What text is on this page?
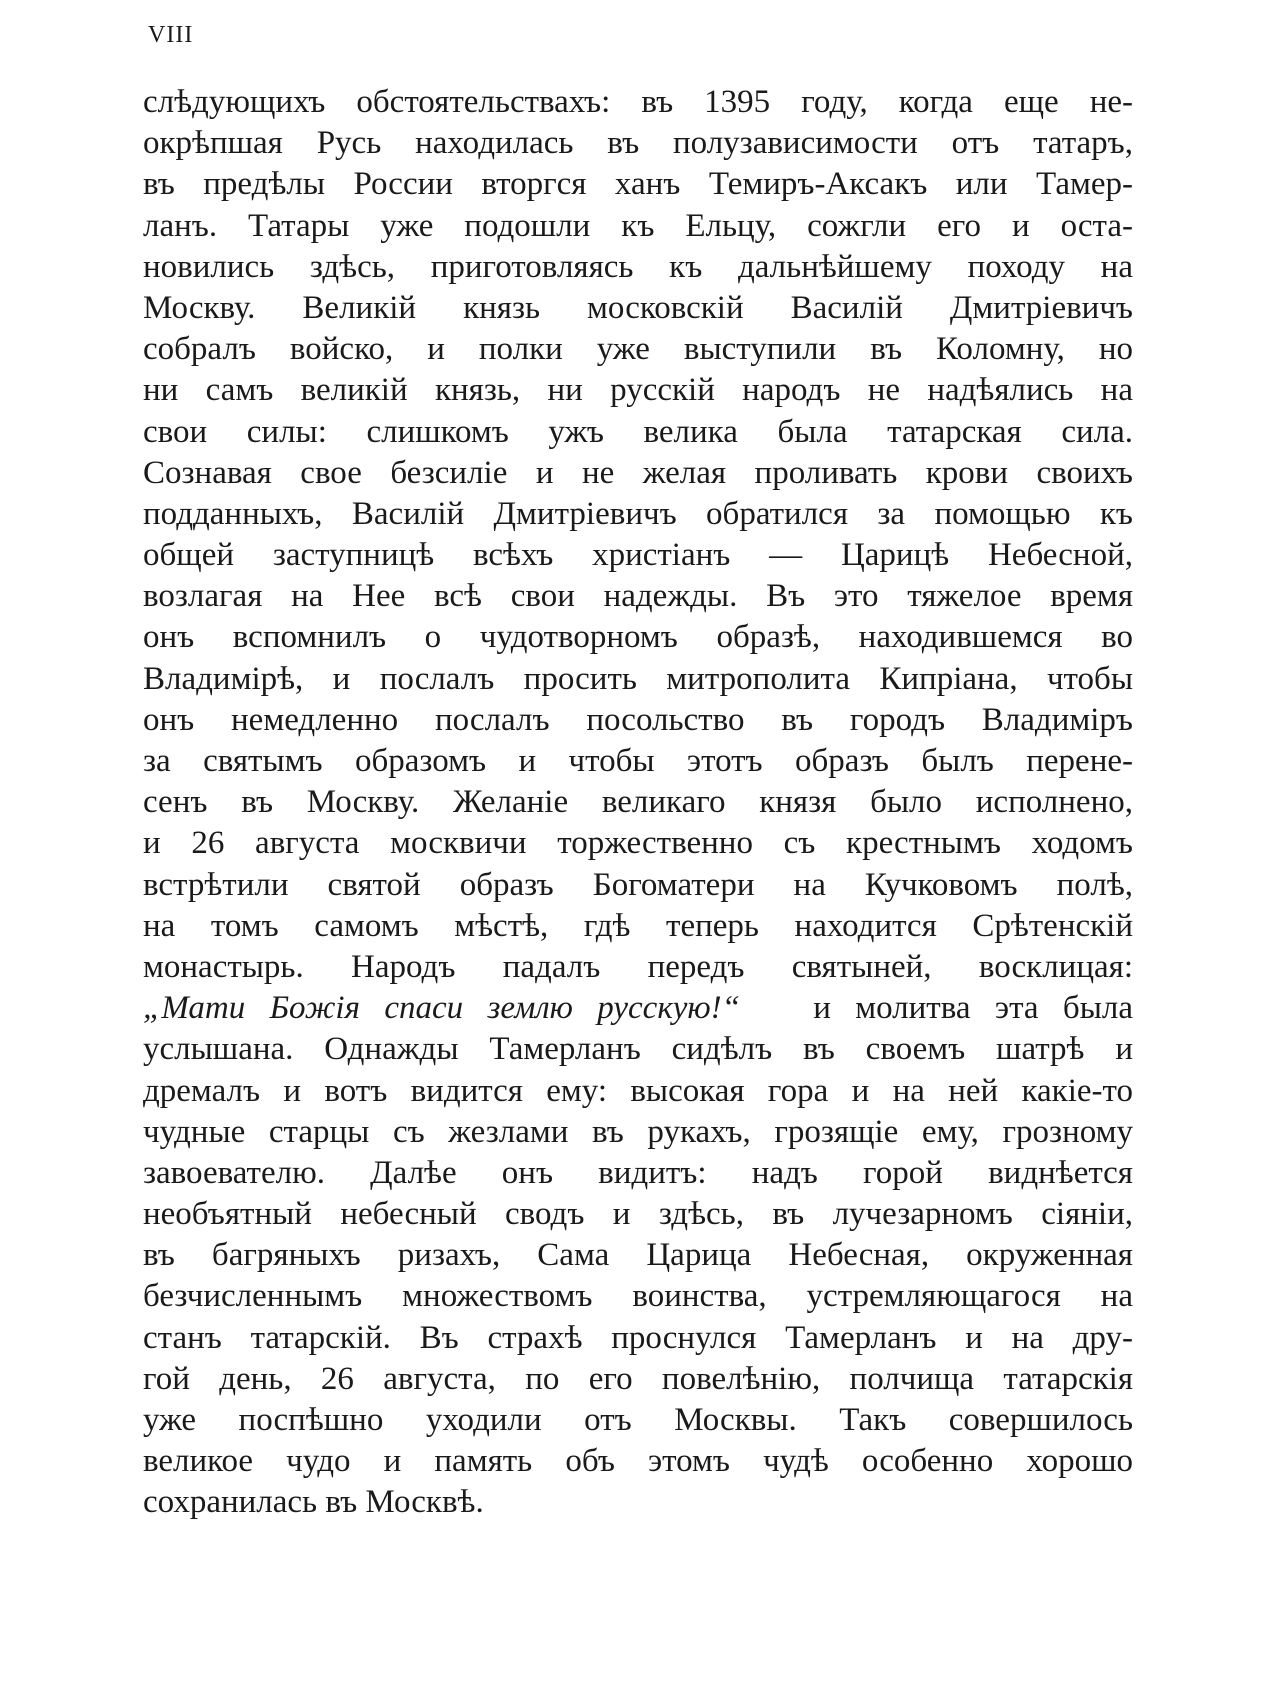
VIII
слѣдующихъ обстоятельствахъ: въ 1395 году, когда еще не-
окрѣпшая Русь находилась въ полузависимости отъ татаръ,
въ предѣлы России вторгся ханъ Темиръ-Аксакъ или Тамер-
ланъ. Татары уже подошли къ Ельцу, сожгли его и оста-
новились здѣсь, приготовляясь къ дальнѣйшему походу на
Москву. Великій князь московскій Василій Дмитріевичъ
собралъ войско, и полки уже выступили въ Коломну, но
ни самъ великій князь, ни русскій народъ не надѣялись на
свои силы: слишкомъ ужъ велика была татарская сила.
Сознавая свое безсиліе и не желая проливать крови своихъ
подданныхъ, Василій Дмитріевичъ обратился за помощью къ
общей заступницѣ всѣхъ христіанъ — Царицѣ Небесной,
возлагая на Нее всѣ свои надежды. Въ это тяжелое время
онъ вспомнилъ о чудотворномъ образѣ, находившемся во
Владимірѣ, и послалъ просить митрополита Кипріана, чтобы
онъ немедленно послалъ посольство въ городъ Владиміръ
за святымъ образомъ и чтобы этотъ образъ былъ перене-
сенъ въ Москву. Желаніе великаго князя было исполнено,
и 26 августа москвичи торжественно съ крестнымъ ходомъ
встрѣтили святой образъ Богоматери на Кучковомъ полѣ,
на томъ самомъ мѣстѣ, гдѣ теперь находится Срѣтенскій
монастырь. Народъ падалъ передъ святыней, восклицая:
„Мати Божія спаси землю русскую!“ и молитва эта была
услышана. Однажды Тамерланъ сидѣлъ въ своемъ шатрѣ и
дремалъ и вотъ видится ему: высокая гора и на ней какіе-то
чудные старцы съ жезлами въ рукахъ, грозящіе ему, грозному
завоевателю. Далѣе онъ видитъ: надъ горой виднѣется
необъятный небесный сводъ и здѣсь, въ лучезарномъ сіяніи,
въ багряныхъ ризахъ, Сама Царица Небесная, окруженная
безчисленнымъ множествомъ воинства, устремляющагося на
станъ татарскій. Въ страхѣ проснулся Тамерланъ и на дру-
гой день, 26 августа, по его повелѣнію, полчища татарскія
уже поспѣшно уходили отъ Москвы. Такъ совершилось
великое чудо и память объ этомъ чудѣ особенно хорошо
сохранилась въ Москвѣ.
